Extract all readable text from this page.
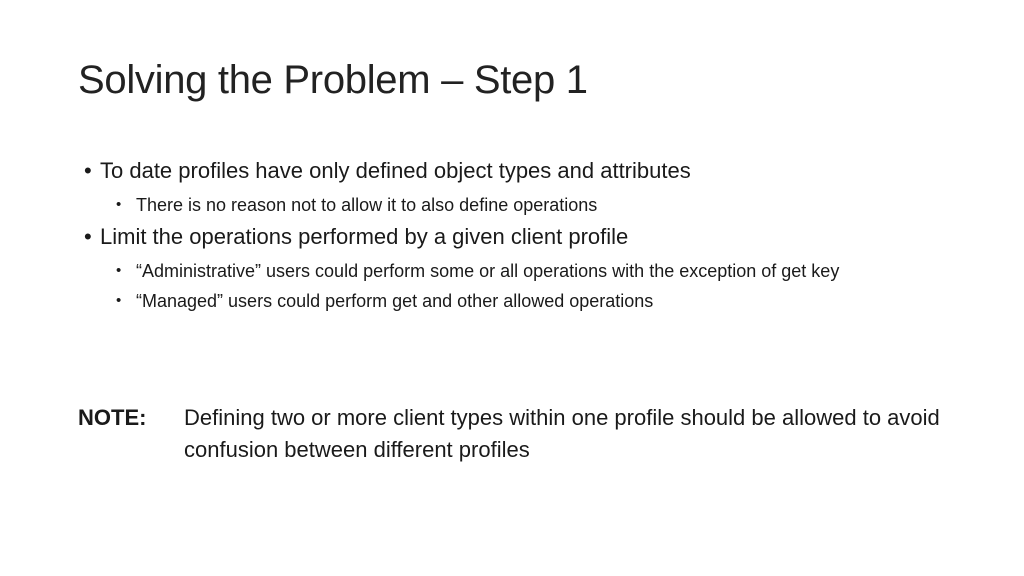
Solving the Problem – Step 1
• To date profiles have only defined object types and attributes
• There is no reason not to allow it to also define operations
• Limit the operations performed by a given client profile
• “Administrative” users could perform some or all operations with the exception of get key
• “Managed” users could perform get and other allowed operations
NOTE:	Defining two or more client types within one profile should be allowed to avoid confusion between different profiles
